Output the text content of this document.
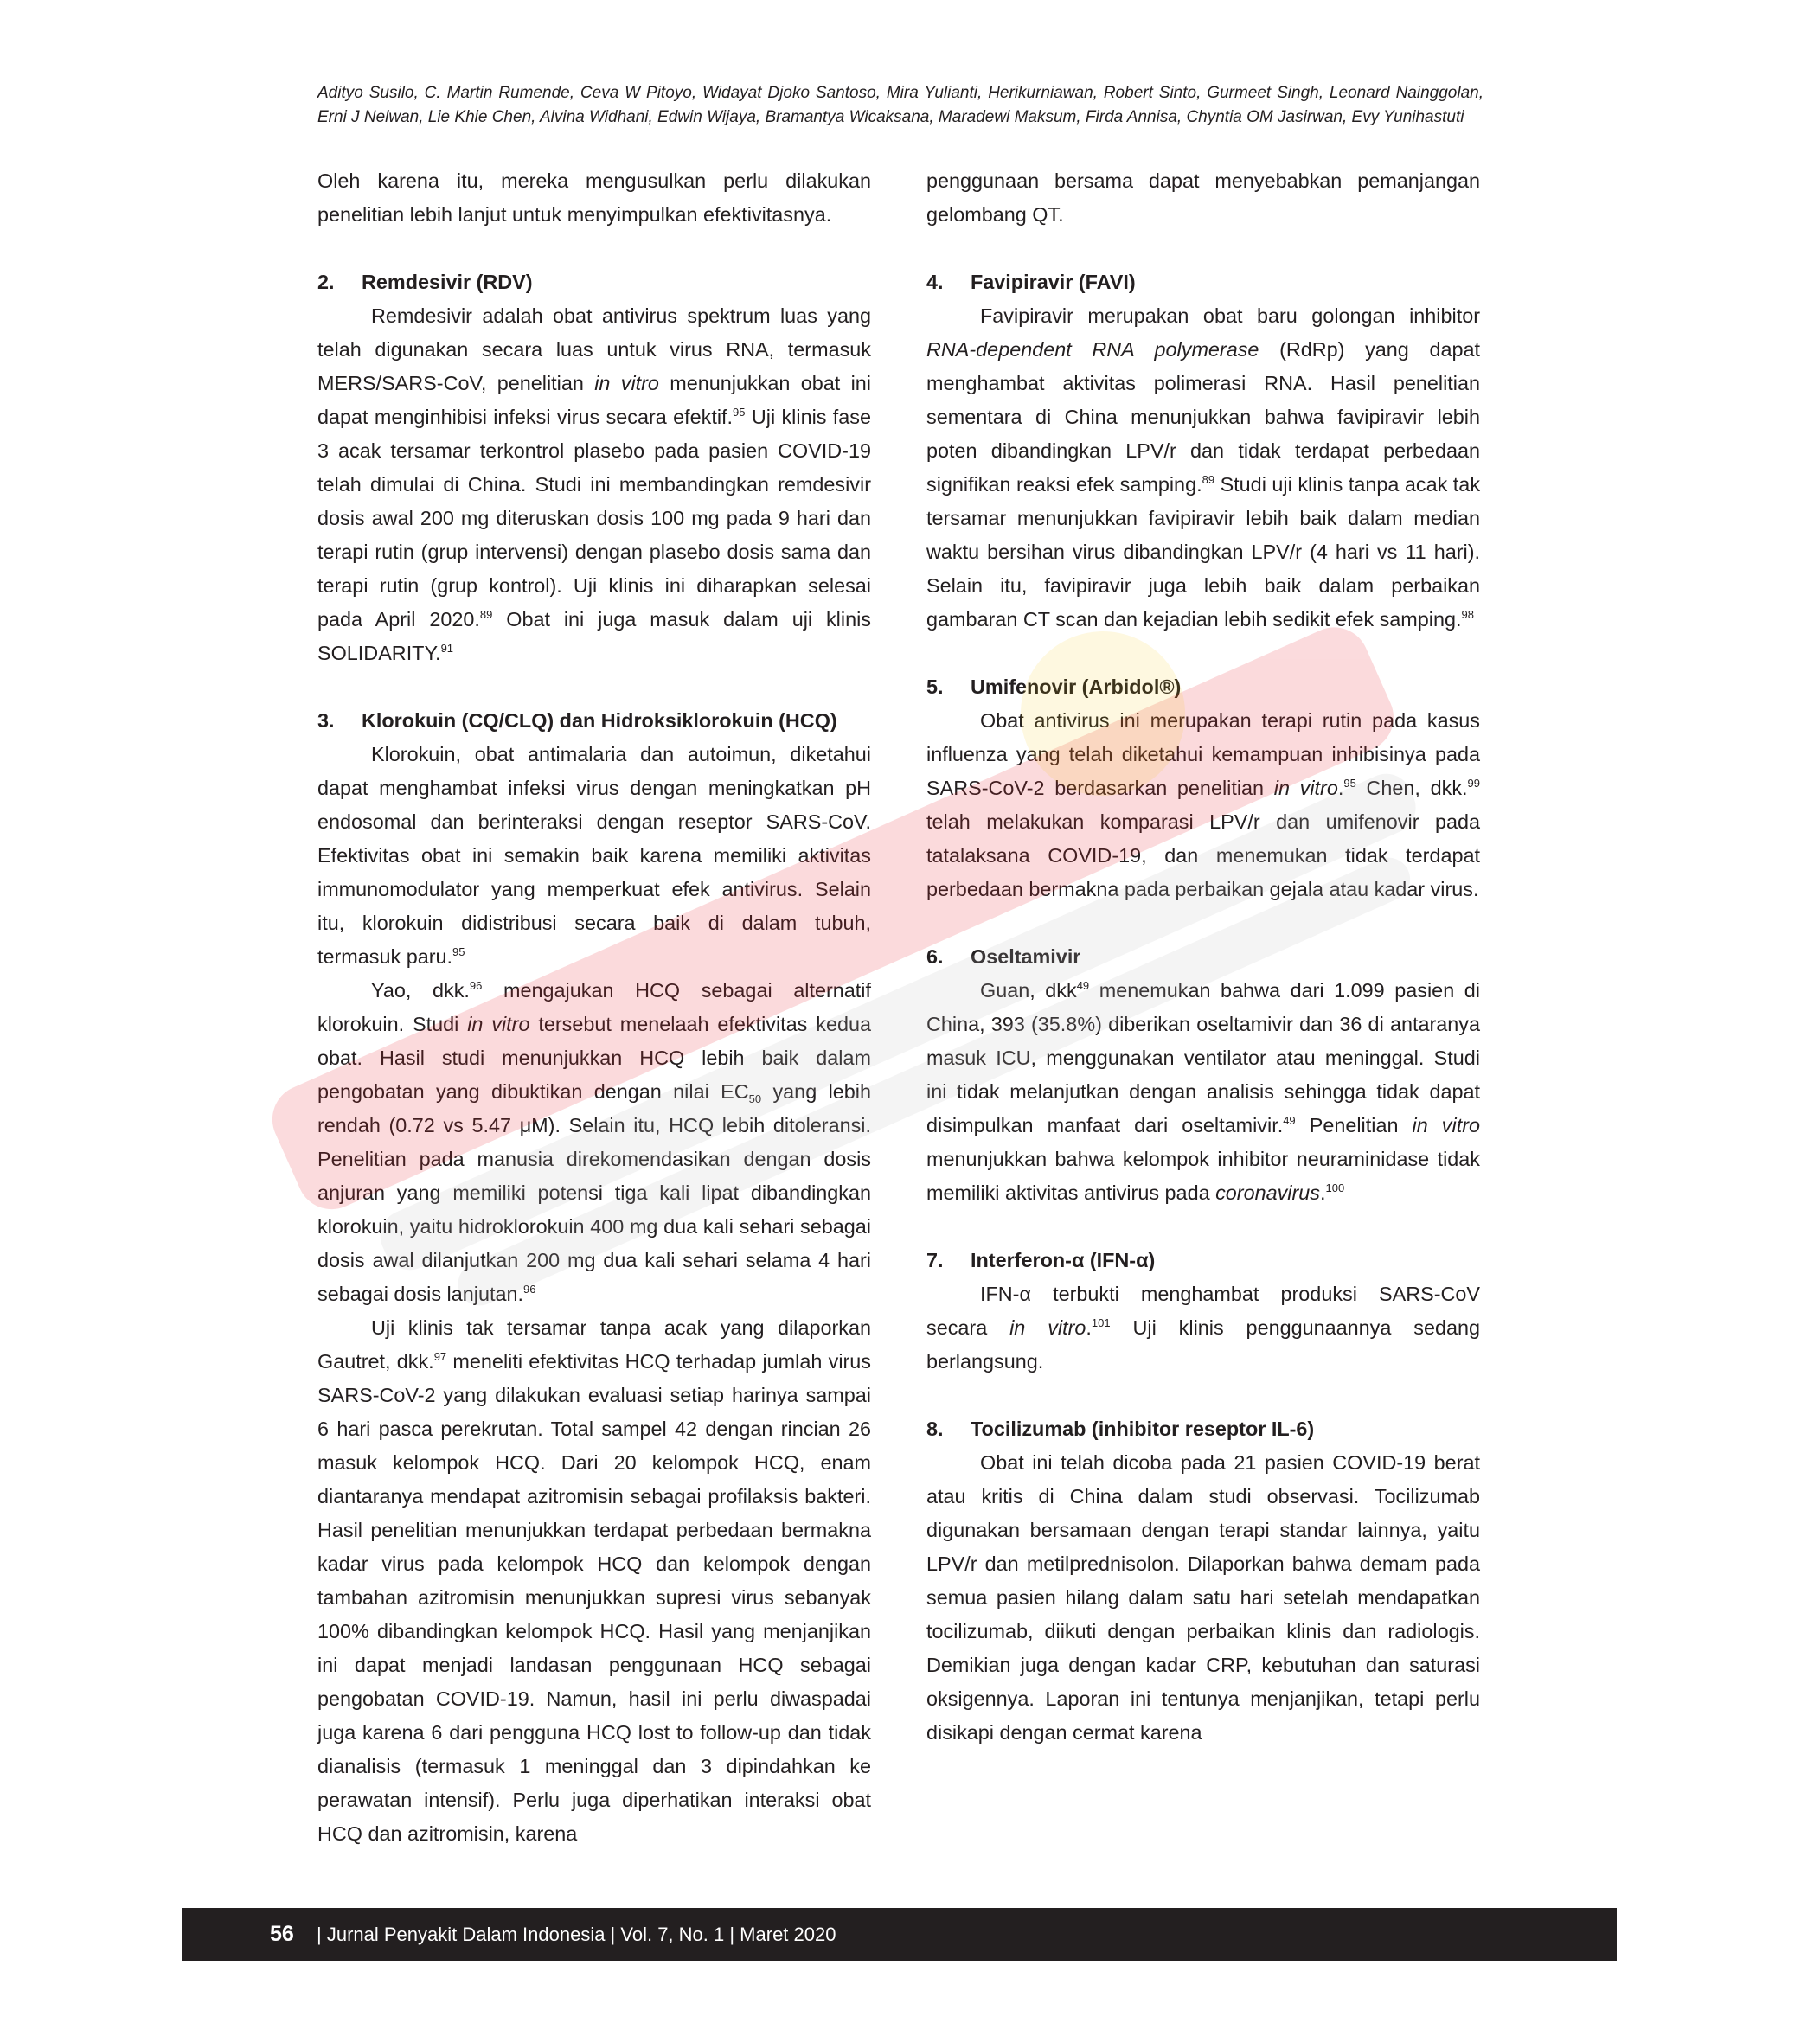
Adityo Susilo, C. Martin Rumende, Ceva W Pitoyo, Widayat Djoko Santoso, Mira Yulianti, Herikurniawan, Robert Sinto, Gurmeet Singh, Leonard Nainggolan, Erni J Nelwan, Lie Khie Chen, Alvina Widhani, Edwin Wijaya, Bramantya Wicaksana, Maradewi Maksum, Firda Annisa, Chyntia OM Jasirwan, Evy Yunihastuti

Oleh karena itu, mereka mengusulkan perlu dilakukan penelitian lebih lanjut untuk menyimpulkan efektivitasnya.

2. Remdesivir (RDV)

Remdesivir adalah obat antivirus spektrum luas yang telah digunakan secara luas untuk virus RNA, termasuk MERS/SARS-CoV, penelitian in vitro menunjukkan obat ini dapat menginhibisi infeksi virus secara efektif.$^{95}$ Uji klinis fase 3 acak tersamar terkontrol plasebo pada pasien COVID-19 telah dimulai di China. Studi ini membandingkan remdesivir dosis awal 200 mg diteruskan dosis 100 mg pada 9 hari dan terapi rutin (grup intervensi) dengan plasebo dosis sama dan terapi rutin (grup kontrol). Uji klinis ini diharapkan selesai pada April 2020.89 Obat ini juga masuk dalam uji klinis SOLIDARITY.$^{91}$

3. Klorokuin (CQ/CLQ) dan Hidroksiklorokuin (HCQ)

Klorokuin, obat antimalaria dan autoimun, diketahui dapat menghambat infeksi virus dengan meningkatkan pH endosomal dan berinteraksi dengan reseptor SARS-CoV. Efektivitas obat ini semakin baik karena memiliki aktivitas immunomodulator yang memperkuat efek antivirus. Selain itu, klorokuin didistribusi secara baik di dalam tubuh, termasuk paru.$^{95}$

Yao, dkk.$^{96}$ mengajukan HCQ sebagai alternatif klorokuin. Studi in vitro tersebut menelaah efektivitas kedua obat. Hasil studi menunjukkan HCQ lebih baik dalam pengobatan yang dibuktikan dengan nilai $EC_{50}$ yang lebih rendah (0.72 vs 5.47 μM). Selain itu, HCQ lebih ditoleransi. Penelitian pada manusia direkomendasikan dengan dosis anjuran yang memiliki potensi tiga kali lipat dibandingkan klorokuin, yaitu hidroklorokuin 400 mg dua kali sehari sebagai dosis awal dilanjutkan 200 mg dua kali sehari selama 4 hari sebagai dosis lanjutan.$^{96}$

Uji klinis tak tersamar tanpa acak yang dilaporkan Gautret, dkk.$^{97}$ meneliti efektivitas HCQ terhadap jumlah virus SARS-CoV-2 yang dilakukan evaluasi setiap harinya sampai 6 hari pasca perekrutan. Total sampel 42 dengan rincian 26 masuk kelompok HCQ. Dari 20 kelompok HCQ, enam diantaranya mendapat azitromisin sebagai profilaksis bakteri. Hasil penelitian menunjukkan terdapat perbedaan bermakna kadar virus pada kelompok HCQ dan kelompok dengan tambahan azitromisin menunjukkan supresi virus sebanyak 100% dibandingkan kelompok HCQ. Hasil yang menjanjikan ini dapat menjadi landasan penggunaan HCQ sebagai pengobatan COVID-19. Namun, hasil ini perlu diwaspadai juga karena 6 dari pengguna HCQ lost to follow-up dan tidak dianalisis (termasuk 1 meninggal dan 3 dipindahkan ke perawatan intensif). Perlu juga diperhatikan interaksi obat HCQ dan azitromisin, karena

penggunaan bersama dapat menyebabkan pemanjangan gelombang QT.

4. Favipiravir (FAVI)

Favipiravir merupakan obat baru golongan inhibitor RNA-dependent RNA polymerase (RdRp) yang dapat menghambat aktivitas polimerasi RNA. Hasil penelitian sementara di China menunjukkan bahwa favipiravir lebih poten dibandingkan LPV/r dan tidak terdapat perbedaan signifikan reaksi efek samping.$^{89}$ Studi uji klinis tanpa acak tak tersamar menunjukkan favipiravir lebih baik dalam median waktu bersihan virus dibandingkan LPV/r (4 hari vs 11 hari). Selain itu, favipiravir juga lebih baik dalam perbaikan gambaran CT scan dan kejadian lebih sedikit efek samping.$^{98}$

5. Umifenovir (Arbidol®)

Obat antivirus ini merupakan terapi rutin pada kasus influenza yang telah diketahui kemampuan inhibisinya pada SARS-CoV-2 berdasarkan penelitian in vitro.$^{95}$ Chen, dkk.$^{99}$ telah melakukan komparasi LPV/r dan umifenovir pada tatalaksana COVID-19, dan menemukan tidak terdapat perbedaan bermakna pada perbaikan gejala atau kadar virus.

6. Oseltamivir

Guan, dkk$^{49}$ menemukan bahwa dari 1.099 pasien di China, 393 (35.8%) diberikan oseltamivir dan 36 di antaranya masuk ICU, menggunakan ventilator atau meninggal. Studi ini tidak melanjutkan dengan analisis sehingga tidak dapat disimpulkan manfaat dari oseltamivir.$^{49}$ Penelitian in vitro menunjukkan bahwa kelompok inhibitor neuraminidase tidak memiliki aktivitas antivirus pada coronavirus.$^{100}$

7. Interferon-α (IFN-α)

IFN-α terbukti menghambat produksi SARS-CoV secara in vitro.$^{101}$ Uji klinis penggunaannya sedang berlangsung.

8. Tocilizumab (inhibitor reseptor IL-6)

Obat ini telah dicoba pada 21 pasien COVID-19 berat atau kritis di China dalam studi observasi. Tocilizumab digunakan bersamaan dengan terapi standar lainnya, yaitu LPV/r dan metilprednisolon. Dilaporkan bahwa demam pada semua pasien hilang dalam satu hari setelah mendapatkan tocilizumab, diikuti dengan perbaikan klinis dan radiologis. Demikian juga dengan kadar CRP, kebutuhan dan saturasi oksigennya. Laporan ini tentunya menjanjikan, tetapi perlu disikapi dengan cermat karena

56 | Jurnal Penyakit Dalam Indonesia | Vol. 7, No. 1 | Maret 2020
